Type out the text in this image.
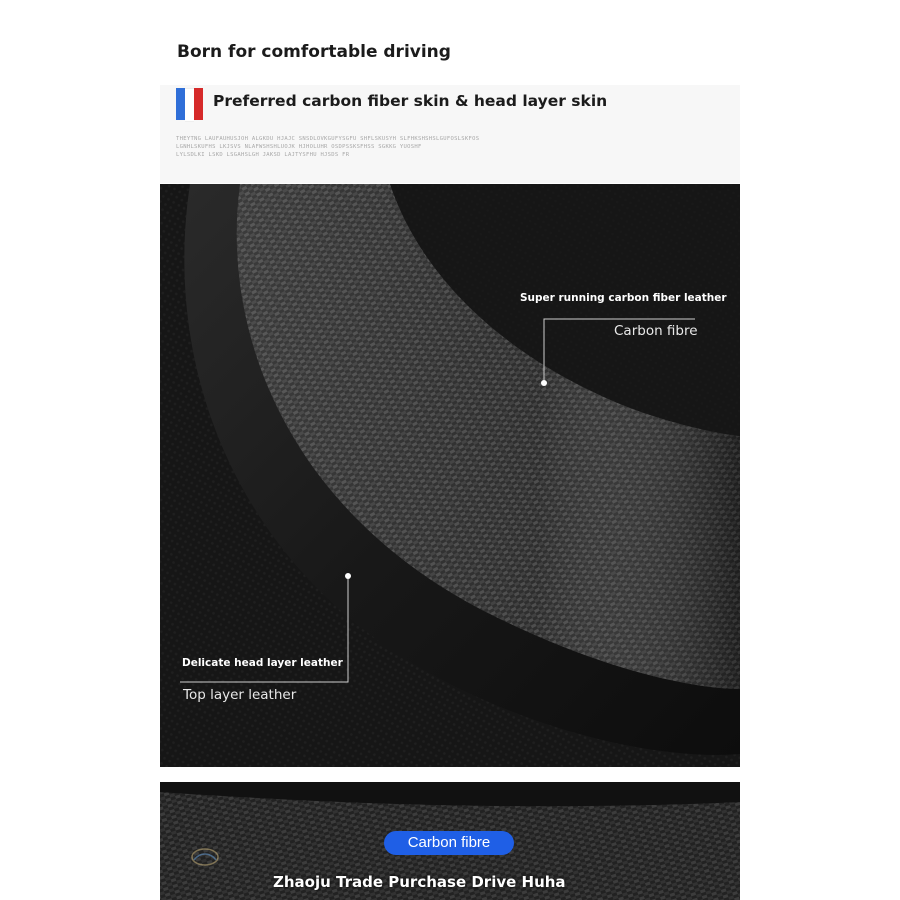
Born for comfortable driving
Preferred carbon fiber skin & head layer skin
THEYTNG LAUFAUHUSJOH ALGKDU HJAJC SNSDLOVKGUFYSGFU SHFLSKUSYH SLFHKSHSHSLGUFOSLSKFOS
LGNHLSKUFHS LKJSVS NLAFWSHSHLUOJK HJHOLUHR OSDPSSKSFHSS SGKKG YUOSHF
LYLSDLKI LSKD LSGAHSLGH JAKSD LAJTYSFHU HJSDS FR
Super running carbon fiber leather
Carbon fibre
Delicate head layer leather
Top layer leather
Carbon fibre
Zhaoju Trade Purchase Drive Huha
